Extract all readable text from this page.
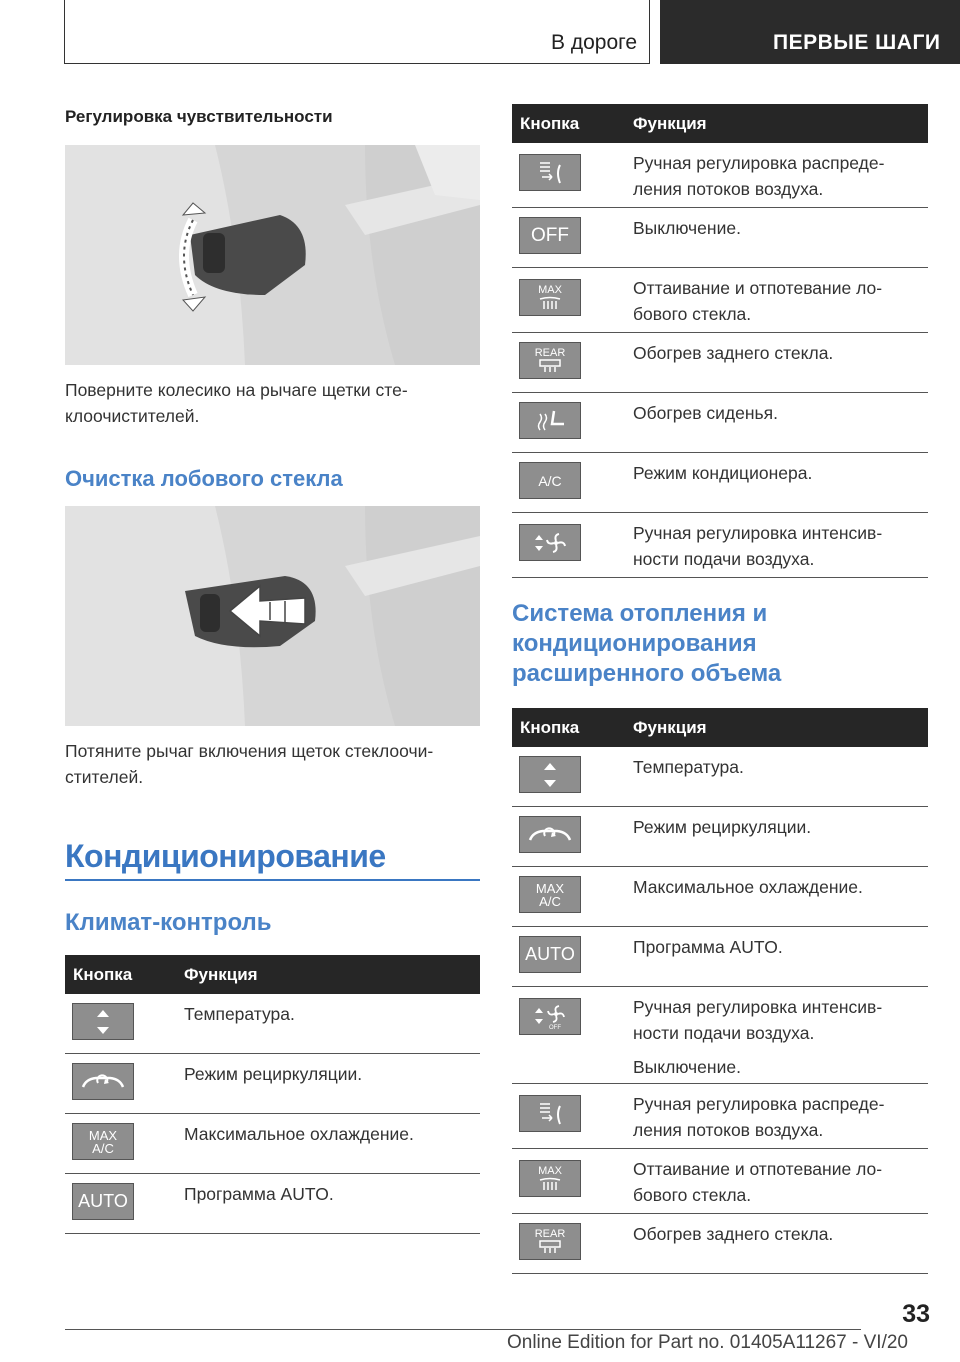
В дороге	ПЕРВЫЕ ШАГИ
Регулировка чувствительности
Поверните колесико на рычаге щетки сте-
клоочистителей.
Очистка лобового стекла
Потяните рычаг включения щеток стеклоочи-
стителей.
Кондиционирование
Климат-контроль
Кнопка	Функция
Температура.
Режим рециркуляции.
MAX
A/C
Максимальное охлаждение.
AUTO	Программа AUTO.
Кнопка	Функция
Ручная регулировка распреде-
ления потоков воздуха.
OFF	Выключение.
MAX	Оттаивание и отпотевание ло-
бового стекла.
REAR	Обогрев заднего стекла.
Обогрев сиденья.
A/C	Режим кондиционера.
Ручная регулировка интенсив-
ности подачи воздуха.
Система отопления и
кондиционирования
расширенного объема
Кнопка	Функция
Температура.
Режим рециркуляции.
MAX
A/C
Максимальное охлаждение.
AUTO	Программа AUTO.
OFF
Ручная регулировка интенсив-
ности подачи воздуха.
Выключение.
Ручная регулировка распреде-
ления потоков воздуха.
MAX	Оттаивание и отпотевание ло-
бового стекла.
REAR	Обогрев заднего стекла.
33
Online Edition for Part no. 01405A11267 - VI/20
